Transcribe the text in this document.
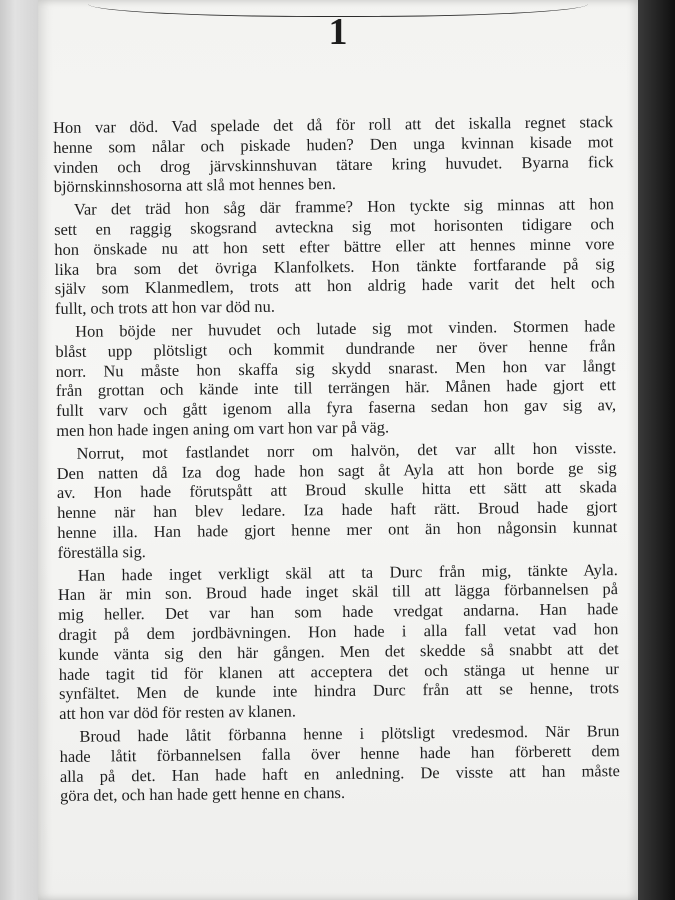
1

Hon var död. Vad spelade det då för roll att det iskalla regnet stack
henne som nålar och piskade huden? Den unga kvinnan kisade mot
vinden och drog järvskinnshuvan tätare kring huvudet. Byarna fick
björnskinnshosorna att slå mot hennes ben.

Var det träd hon såg där framme? Hon tyckte sig minnas att hon
sett en raggig skogsrand avteckna sig mot horisonten tidigare och
hon önskade nu att hon sett efter bättre eller att hennes minne vore
lika bra som det övriga Klanfolkets. Hon tänkte fortfarande på sig
själv som Klanmedlem, trots att hon aldrig hade varit det helt och
fullt, och trots att hon var död nu.

Hon böjde ner huvudet och lutade sig mot vinden. Stormen hade
blåst upp plötsligt och kommit dundrande ner över henne från
norr. Nu måste hon skaffa sig skydd snarast. Men hon var långt
från grottan och kände inte till terrängen här. Månen hade gjort ett
fullt varv och gått igenom alla fyra faserna sedan hon gav sig av,
men hon hade ingen aning om vart hon var på väg.

Norrut, mot fastlandet norr om halvön, det var allt hon visste.
Den natten då Iza dog hade hon sagt åt Ayla att hon borde ge sig
av. Hon hade förutspått att Broud skulle hitta ett sätt att skada
henne när han blev ledare. Iza hade haft rätt. Broud hade gjort
henne illa. Han hade gjort henne mer ont än hon någonsin kunnat
föreställa sig.

Han hade inget verkligt skäl att ta Durc från mig, tänkte Ayla.
Han är min son. Broud hade inget skäl till att lägga förbannelsen på
mig heller. Det var han som hade vredgat andarna. Han hade
dragit på dem jordbävningen. Hon hade i alla fall vetat vad hon
kunde vänta sig den här gången. Men det skedde så snabbt att det
hade tagit tid för klanen att acceptera det och stänga ut henne ur
synfältet. Men de kunde inte hindra Durc från att se henne, trots
att hon var död för resten av klanen.

Broud hade låtit förbanna henne i plötsligt vredesmod. När Brun
hade låtit förbannelsen falla över henne hade han förberett dem
alla på det. Han hade haft en anledning. De visste att han måste
göra det, och han hade gett henne en chans.
